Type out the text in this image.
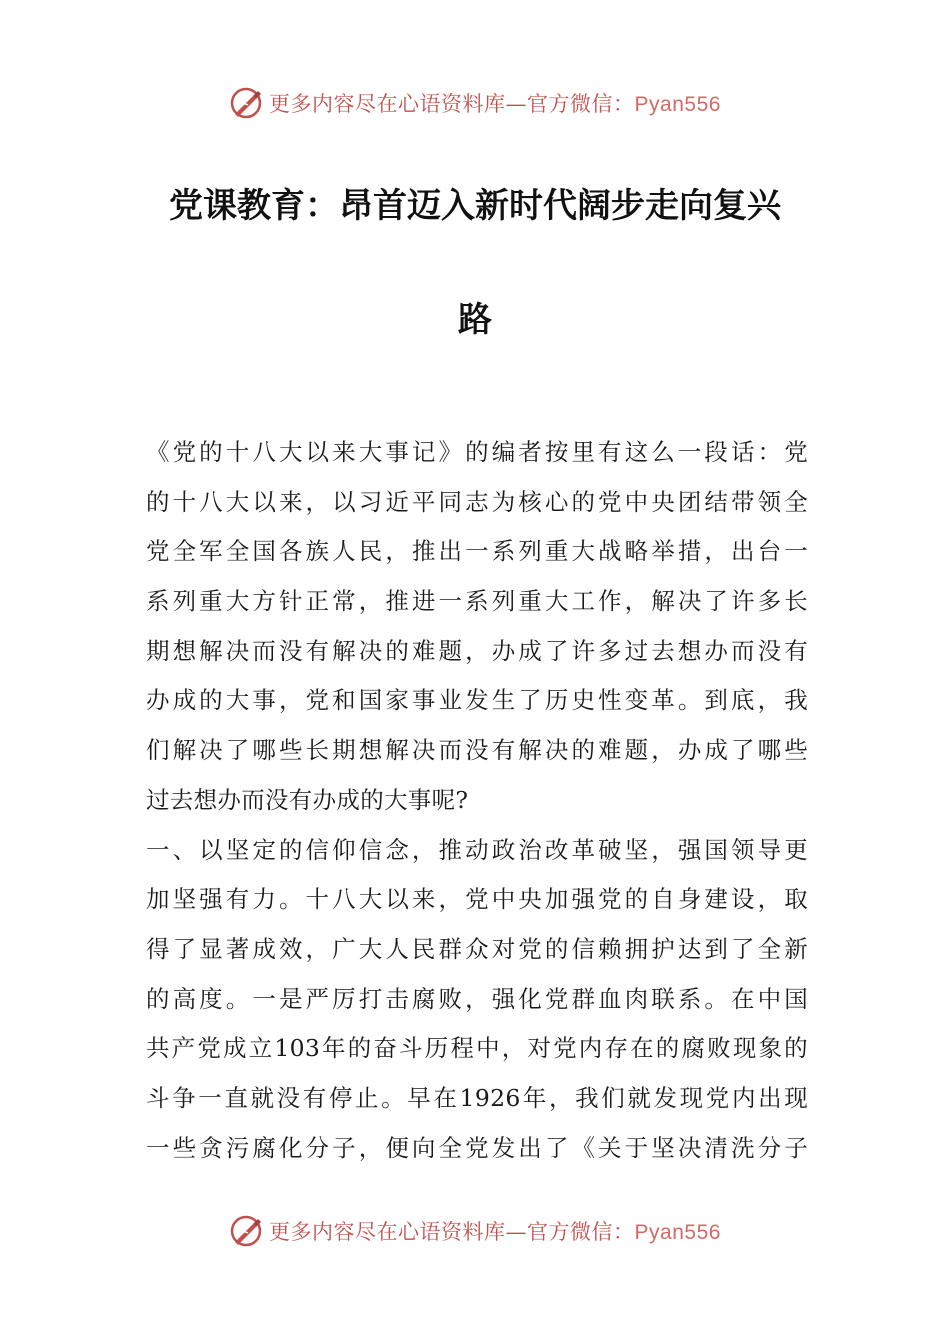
更多内容尽在心语资料库—官方微信：Pyan556
党课教育：昂首迈入新时代阔步走向复兴
路
《党的十八大以来大事记》的编者按里有这么一段话：党
的十八大以来，以习近平同志为核心的党中央团结带领全
党全军全国各族人民，推出一系列重大战略举措，出台一
系列重大方针正常，推进一系列重大工作，解决了许多长
期想解决而没有解决的难题，办成了许多过去想办而没有
办成的大事，党和国家事业发生了历史性变革。到底，我
们解决了哪些长期想解决而没有解决的难题，办成了哪些
过去想办而没有办成的大事呢?
一、以坚定的信仰信念，推动政治改革破坚，强国领导更
加坚强有力。十八大以来，党中央加强党的自身建设，取
得了显著成效，广大人民群众对党的信赖拥护达到了全新
的高度。一是严厉打击腐败，强化党群血肉联系。在中国
共产党成立103年的奋斗历程中，对党内存在的腐败现象的
斗争一直就没有停止。早在1926年，我们就发现党内出现
一些贪污腐化分子，便向全党发出了《关于坚决清洗分子
更多内容尽在心语资料库—官方微信：Pyan556
